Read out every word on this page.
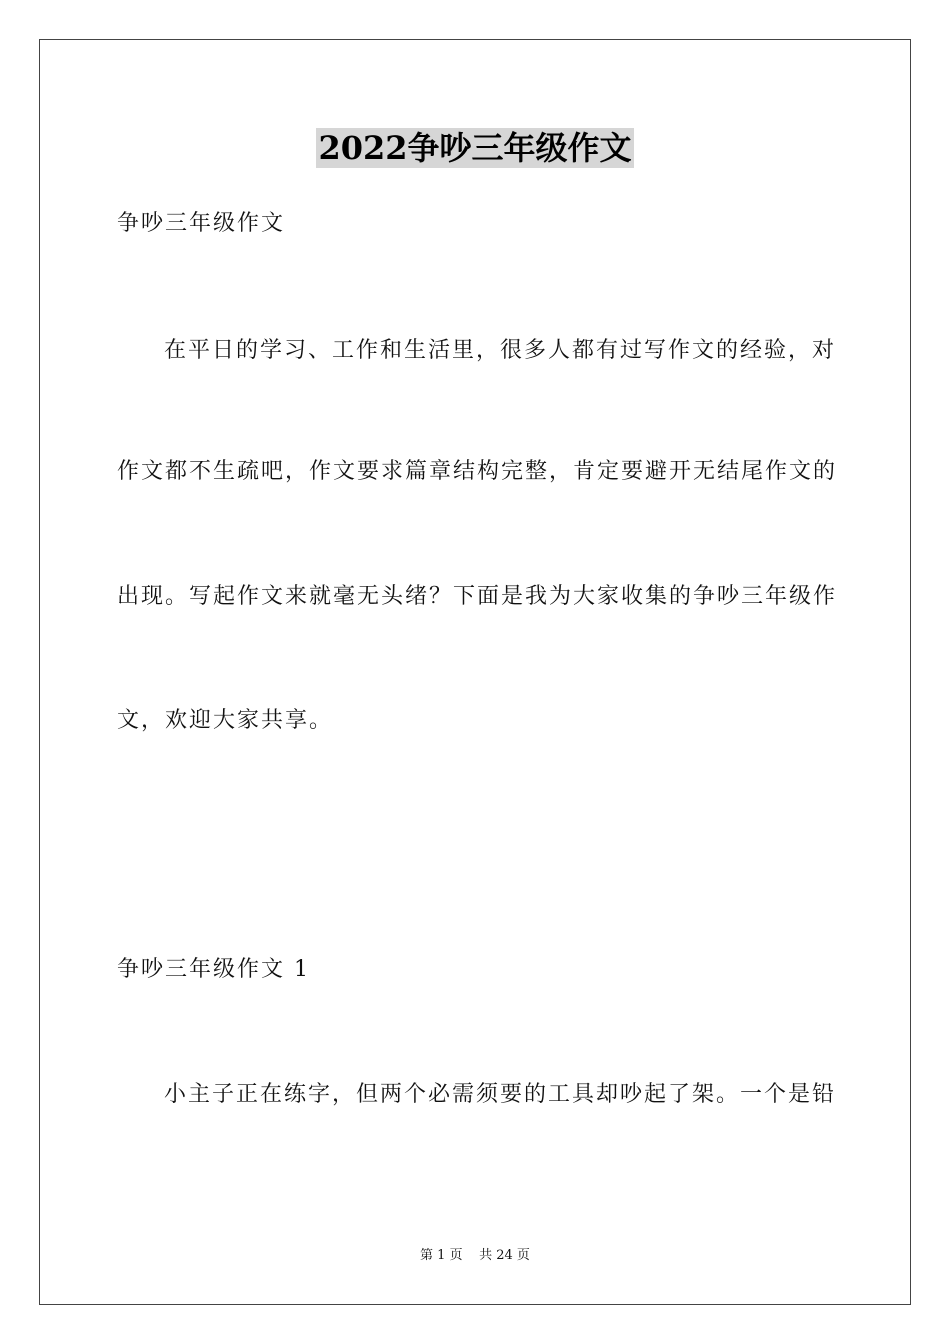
2022争吵三年级作文
争吵三年级作文
在平日的学习、工作和生活里，很多人都有过写作文的经验，对
作文都不生疏吧，作文要求篇章结构完整，肯定要避开无结尾作文的
出现。写起作文来就毫无头绪？下面是我为大家收集的争吵三年级作
文，欢迎大家共享。
争吵三年级作文 1
小主子正在练字，但两个必需须要的工具却吵起了架。一个是铅
第 1 页 共 24 页
